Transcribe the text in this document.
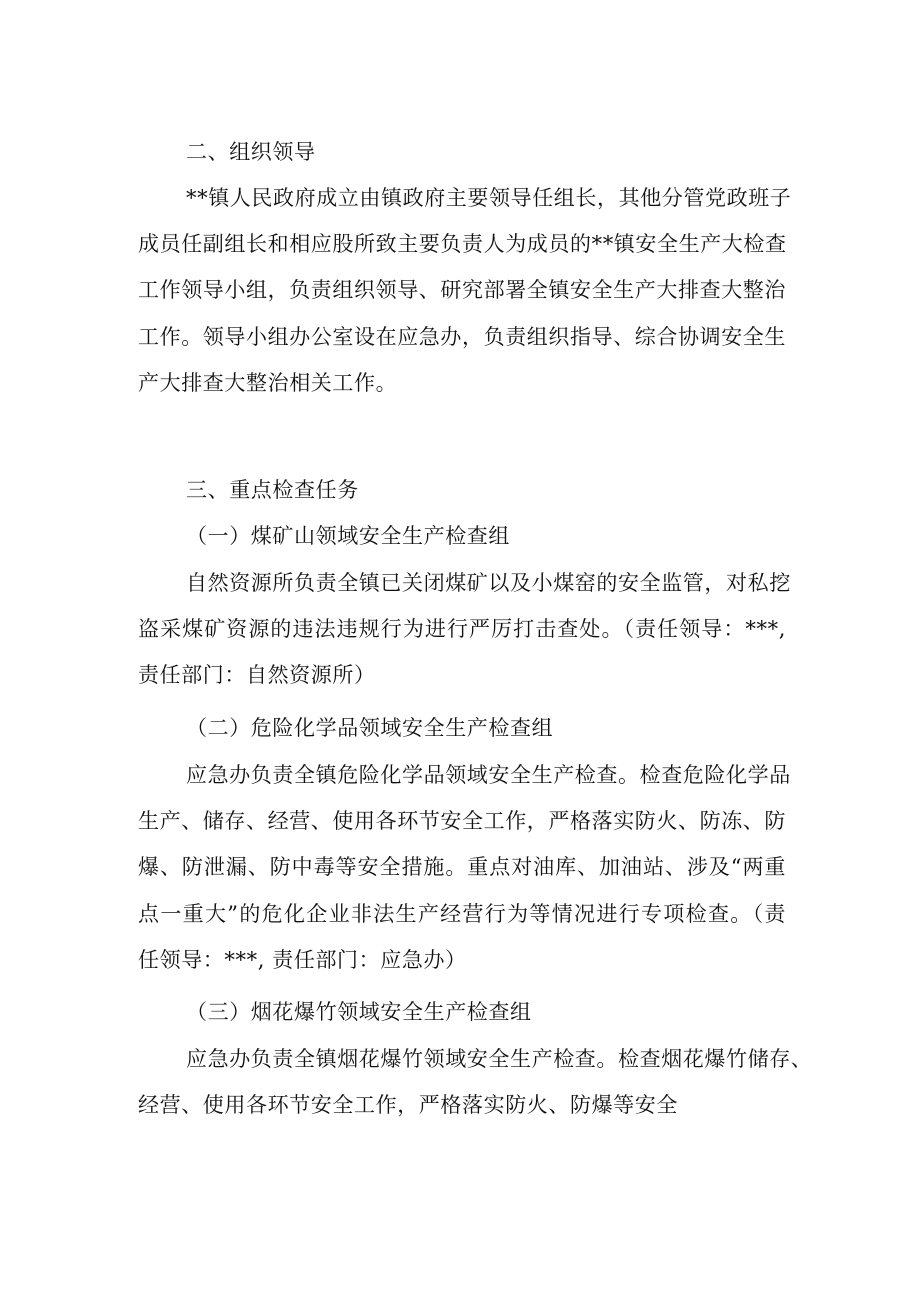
二、组织领导

**镇人民政府成立由镇政府主要领导任组长，其他分管党政班子

成员任副组长和相应股所致主要负责人为成员的**镇安全生产大检查

工作领导小组，负责组织领导、研究部署全镇安全生产大排查大整治

工作。领导小组办公室设在应急办，负责组织指导、综合协调安全生

产大排查大整治相关工作。

三、重点检查任务

（一）煤矿山领域安全生产检查组

自然资源所负责全镇已关闭煤矿以及小煤窑的安全监管，对私挖

盗采煤矿资源的违法违规行为进行严厉打击查处。（责任领导：***,

责任部门：自然资源所）

（二）危险化学品领域安全生产检查组

应急办负责全镇危险化学品领域安全生产检查。检查危险化学品

生产、储存、经营、使用各环节安全工作，严格落实防火、防冻、防

爆、防泄漏、防中毒等安全措施。重点对油库、加油站、涉及“两重

点一重大”的危化企业非法生产经营行为等情况进行专项检查。（责

任领导：***, 责任部门：应急办）

（三）烟花爆竹领域安全生产检查组

应急办负责全镇烟花爆竹领域安全生产检查。检查烟花爆竹储存、

经营、使用各环节安全工作，严格落实防火、防爆等安全
